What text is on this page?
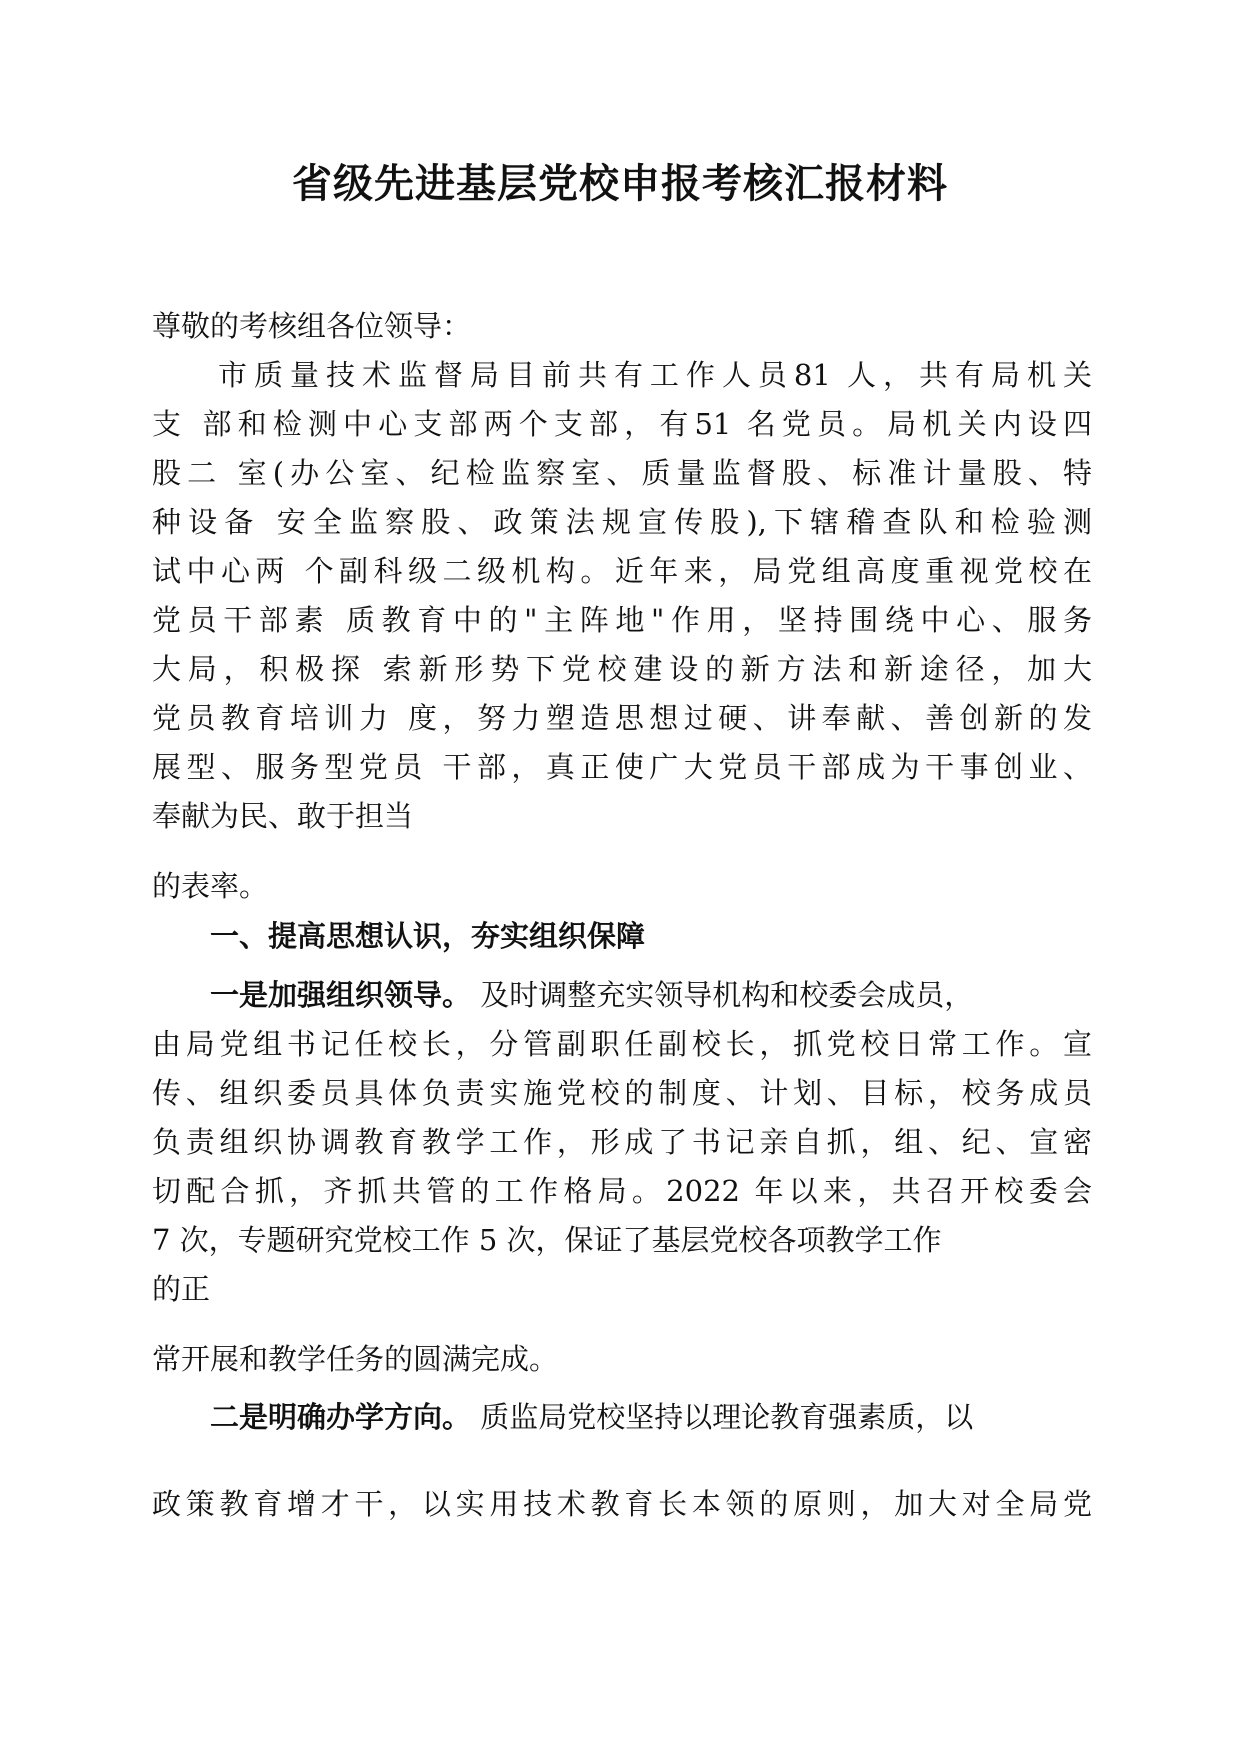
省级先进基层党校申报考核汇报材料

尊敬的考核组各位领导：

市质量技术监督局目前共有工作人员81 人，共有局机关

支 部和检测中心支部两个支部，有51 名党员。局机关内设四

股二 室(办公室、纪检监察室、质量监督股、标准计量股、特

种设备 安全监察股、政策法规宣传股),下辖稽查队和检验测

试中心两 个副科级二级机构。近年来，局党组高度重视党校在

党员干部素 质教育中的"主阵地"作用，坚持围绕中心、服务

大局，积极探 索新形势下党校建设的新方法和新途径，加大

党员教育培训力 度，努力塑造思想过硬、讲奉献、善创新的发

展型、服务型党员 干部，真正使广大党员干部成为干事创业、

奉献为民、敢于担当

的表率。

一、提高思想认识，夯实组织保障

一是加强组织领导。 及时调整充实领导机构和校委会成员，

由局党组书记任校长，分管副职任副校长，抓党校日常工作。宣

传、组织委员具体负责实施党校的制度、计划、目标，校务成员

负责组织协调教育教学工作，形成了书记亲自抓，组、纪、宣密

切配合抓，齐抓共管的工作格局。2022 年以来，共召开校委会

7 次，专题研究党校工作 5 次，保证了基层党校各项教学工作

的正

常开展和教学任务的圆满完成。

二是明确办学方向。 质监局党校坚持以理论教育强素质，以

政策教育增才干，以实用技术教育长本领的原则，加大对全局党
